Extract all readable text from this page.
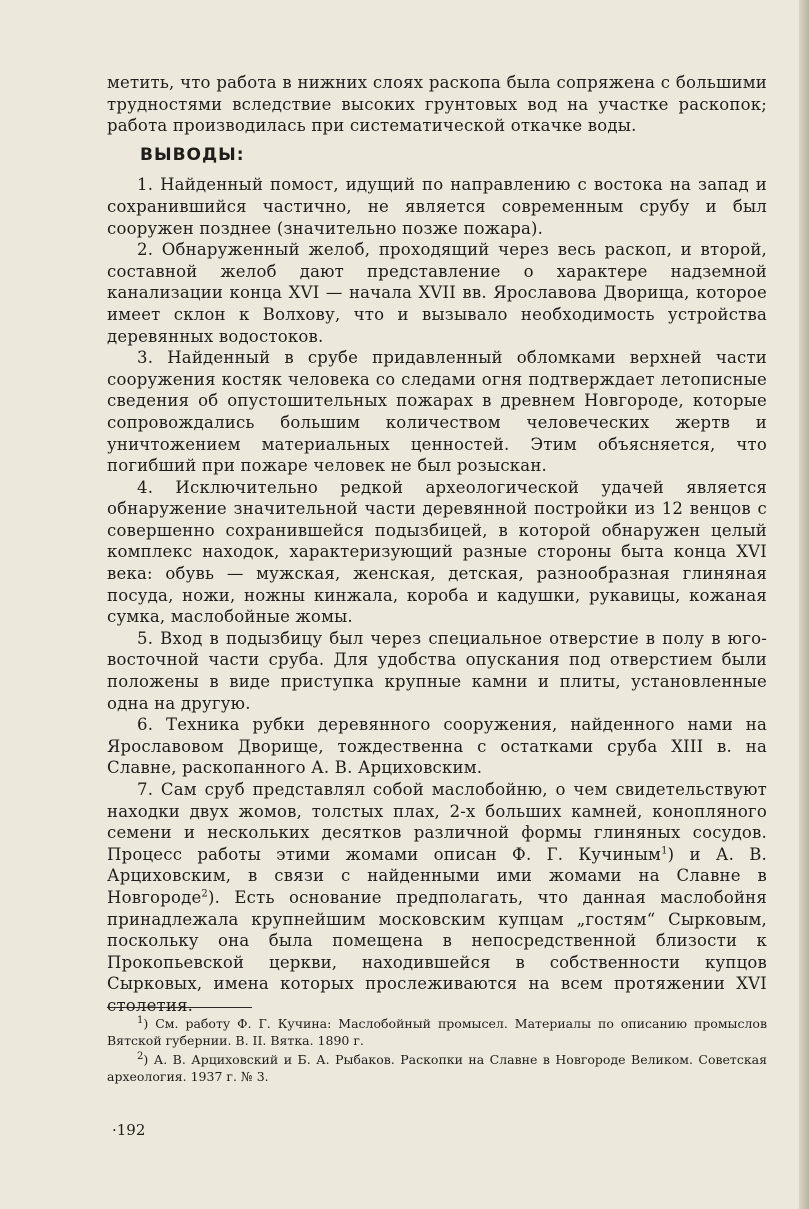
метить, что работа в нижних слоях раскопа была сопряжена с большими трудностями вследствие высоких грунтовых вод на участке раскопок; работа производилась при систематической откачке воды.

ВЫВОДЫ:

1. Найденный помост, идущий по направлению с востока на запад и сохранившийся частично, не является современным срубу и был сооружен позднее (значительно позже пожара).

2. Обнаруженный желоб, проходящий через весь раскоп, и второй, составной желоб дают представление о характере надземной канализации конца XVI — начала XVII вв. Ярославова Дворища, которое имеет склон к Волхову, что и вызывало необходимость устройства деревянных водостоков.

3. Найденный в срубе придавленный обломками верхней части сооружения костяк человека со следами огня подтверждает летописные сведения об опустошительных пожарах в древнем Новгороде, которые сопровождались большим количеством человеческих жертв и уничтожением материальных ценностей. Этим объясняется, что погибший при пожаре человек не был розыскан.

4. Исключительно редкой археологической удачей является обнаружение значительной части деревянной постройки из 12 венцов с совершенно сохранившейся подызбицей, в которой обнаружен целый комплекс находок, характеризующий разные стороны быта конца XVI века: обувь — мужская, женская, детская, разнообразная глиняная посуда, ножи, ножны кинжала, короба и кадушки, рукавицы, кожаная сумка, маслобойные жомы.

5. Вход в подызбицу был через специальное отверстие в полу в юго-восточной части сруба. Для удобства опускания под отверстием были положены в виде приступка крупные камни и плиты, установленные одна на другую.

6. Техника рубки деревянного сооружения, найденного нами на Ярославовом Дворище, тождественна с остатками сруба XIII в. на Славне, раскопанного А. В. Арциховским.

7. Сам сруб представлял собой маслобойню, о чем свидетельствуют находки двух жомов, толстых плах, 2-х больших камней, конопляного семени и нескольких десятков различной формы глиняных сосудов. Процесс работы этими жомами описан Ф. Г. Кучиным$^1$) и А. В. Арциховским, в связи с найденными ими жомами на Славне в Новгороде$^2$). Есть основание предполагать, что данная маслобойня принадлежала крупнейшим московским купцам „гостям“ Сырковым, поскольку она была помещена в непосредственной близости к Прокопьевской церкви, находившейся в собственности купцов Сырковых, имена которых прослеживаются на всем протяжении XVI столетия.

$^1$) См. работу Ф. Г. Кучина: Маслобойный промысел. Материалы по описанию промыслов Вятской губернии. В. II. Вятка. 1890 г.

$^2$) А. В. Арциховский и Б. А. Рыбаков. Раскопки на Славне в Новгороде Великом. Советская археология. 1937 г. № 3.

·192
